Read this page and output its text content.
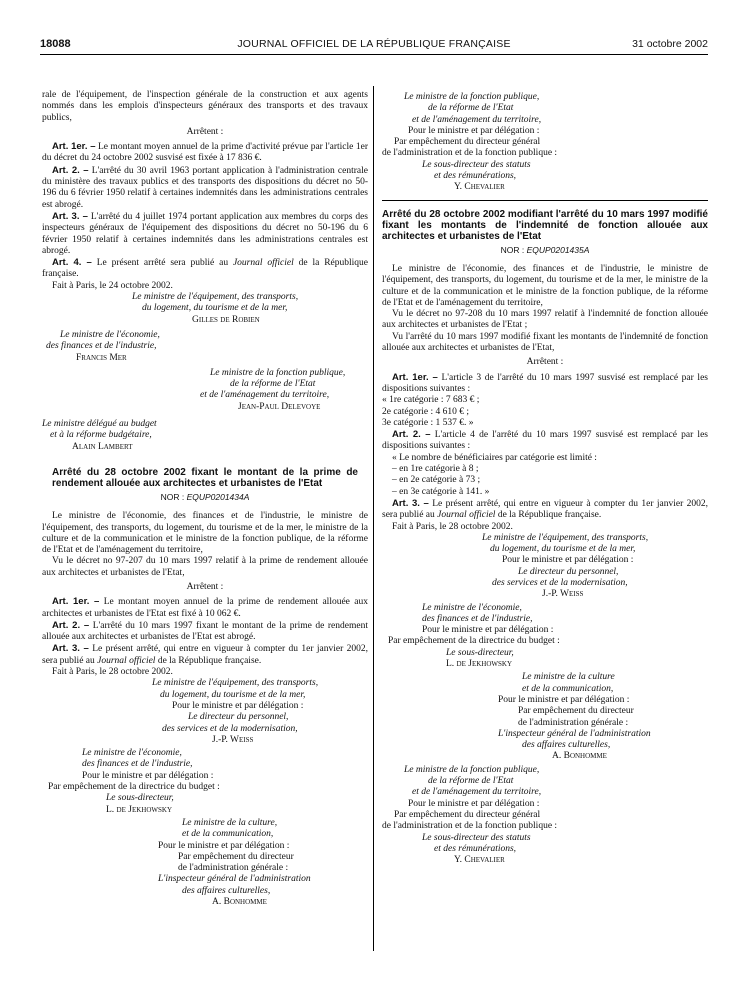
18088	JOURNAL OFFICIEL DE LA RÉPUBLIQUE FRANÇAISE	31 octobre 2002

rale de l'équipement, de l'inspection générale de la construction et aux agents nommés dans les emplois d'inspecteurs généraux des transports et des travaux publics,

Arrêtent :

Art. 1er. – Le montant moyen annuel de la prime d'activité prévue par l'article 1er du décret du 24 octobre 2002 susvisé est fixée à 17 836 €.

Art. 2. – L'arrêté du 30 avril 1963 portant application à l'administration centrale du ministère des travaux publics et des transports des dispositions du décret no 50-196 du 6 février 1950 relatif à certaines indemnités dans les administrations centrales est abrogé.

Art. 3. – L'arrêté du 4 juillet 1974 portant application aux membres du corps des inspecteurs généraux de l'équipement des dispositions du décret no 50-196 du 6 février 1950 relatif à certaines indemnités dans les administrations centrales est abrogé.

Art. 4. – Le présent arrêté sera publié au Journal officiel de la République française.

Fait à Paris, le 24 octobre 2002.

Le ministre de l'équipement, des transports,
du logement, du tourisme et de la mer,
Gilles de Robien
Le ministre de l'économie,
des finances et de l'industrie,
Francis Mer
Le ministre de la fonction publique,
de la réforme de l'Etat
et de l'aménagement du territoire,
Jean-Paul Delevoye
Le ministre délégué au budget
et à la réforme budgétaire,
Alain Lambert
Arrêté du 28 octobre 2002 fixant le montant de la prime de rendement allouée aux architectes et urbanistes de l'Etat
NOR : EQUP0201434A

Le ministre de l'économie, des finances et de l'industrie, le ministre de l'équipement, des transports, du logement, du tourisme et de la mer, le ministre de la culture et de la communication et le ministre de la fonction publique, de la réforme de l'Etat et de l'aménagement du territoire,

Vu le décret no 97-207 du 10 mars 1997 relatif à la prime de rendement allouée aux architectes et urbanistes de l'Etat,

Arrêtent :

Art. 1er. – Le montant moyen annuel de la prime de rendement allouée aux architectes et urbanistes de l'Etat est fixé à 10 062 €.

Art. 2. – L'arrêté du 10 mars 1997 fixant le montant de la prime de rendement allouée aux architectes et urbanistes de l'Etat est abrogé.

Art. 3. – Le présent arrêté, qui entre en vigueur à compter du 1er janvier 2002, sera publié au Journal officiel de la République française.

Fait à Paris, le 28 octobre 2002.

Le ministre de l'équipement, des transports,
du logement, du tourisme et de la mer,
Pour le ministre et par délégation :
Le directeur du personnel,
des services et de la modernisation,
J.-P. Weiss
Le ministre de l'économie,
des finances et de l'industrie,
Pour le ministre et par délégation :
Par empêchement de la directrice du budget :
Le sous-directeur,
L. de Jekhowsky
Le ministre de la culture,
et de la communication,
Pour le ministre et par délégation :
Par empêchement du directeur
de l'administration générale :
L'inspecteur général de l'administration
des affaires culturelles,
A. Bonhomme
Le ministre de la fonction publique,
de la réforme de l'Etat
et de l'aménagement du territoire,
Pour le ministre et par délégation :
Par empêchement du directeur général
de l'administration et de la fonction publique :
Le sous-directeur des statuts
et des rémunérations,
Y. Chevalier
Arrêté du 28 octobre 2002 modifiant l'arrêté du 10 mars 1997 modifié fixant les montants de l'indemnité de fonction allouée aux architectes et urbanistes de l'Etat
NOR : EQUP0201435A

Le ministre de l'économie, des finances et de l'industrie, le ministre de l'équipement, des transports, du logement, du tourisme et de la mer, le ministre de la culture et de la communication et le ministre de la fonction publique, de la réforme de l'Etat et de l'aménagement du territoire,

Vu le décret no 97-208 du 10 mars 1997 relatif à l'indemnité de fonction allouée aux architectes et urbanistes de l'Etat ;

Vu l'arrêté du 10 mars 1997 modifié fixant les montants de l'indemnité de fonction allouée aux architectes et urbanistes de l'Etat,

Arrêtent :

Art. 1er. – L'article 3 de l'arrêté du 10 mars 1997 susvisé est remplacé par les dispositions suivantes :

« 1re catégorie : 7 683 € ;

2e catégorie : 4 610 € ;

3e catégorie : 1 537 €. »

Art. 2. – L'article 4 de l'arrêté du 10 mars 1997 susvisé est remplacé par les dispositions suivantes :

« Le nombre de bénéficiaires par catégorie est limité :

– en 1re catégorie à 8 ;

– en 2e catégorie à 73 ;

– en 3e catégorie à 141. »

Art. 3. – Le présent arrêté, qui entre en vigueur à compter du 1er janvier 2002, sera publié au Journal officiel de la République française.

Fait à Paris, le 28 octobre 2002.

Le ministre de l'équipement, des transports,
du logement, du tourisme et de la mer,
Pour le ministre et par délégation :
Le directeur du personnel,
des services et de la modernisation,
J.-P. Weiss
Le ministre de l'économie,
des finances et de l'industrie,
Pour le ministre et par délégation :
Par empêchement de la directrice du budget :
Le sous-directeur,
L. de Jekhowsky
Le ministre de la culture
et de la communication,
Pour le ministre et par délégation :
Par empêchement du directeur
de l'administration générale :
L'inspecteur général de l'administration
des affaires culturelles,
A. Bonhomme
Le ministre de la fonction publique,
de la réforme de l'Etat
et de l'aménagement du territoire,
Pour le ministre et par délégation :
Par empêchement du directeur général
de l'administration et de la fonction publique :
Le sous-directeur des statuts
et des rémunérations,
Y. Chevalier
